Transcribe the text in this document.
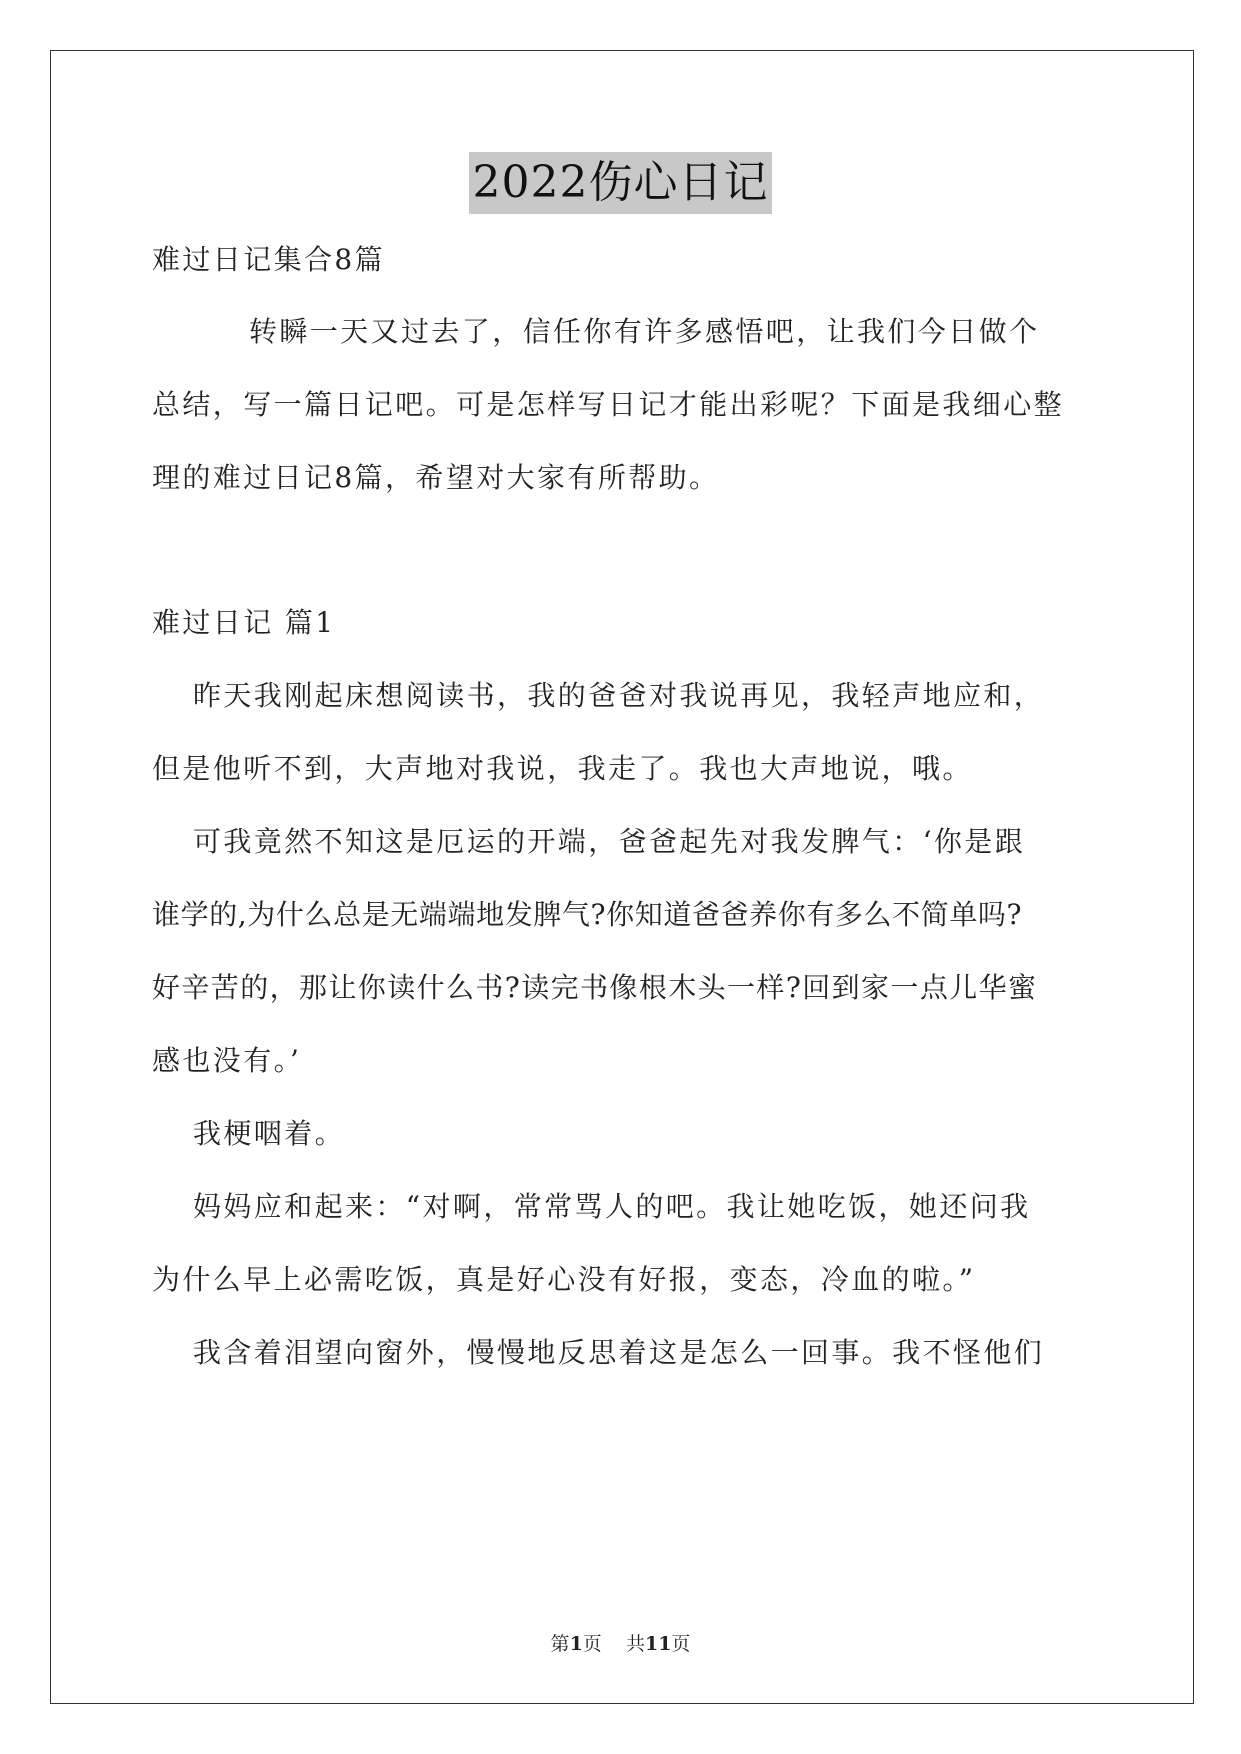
2022伤心日记
难过日记集合8篇
转瞬一天又过去了，信任你有许多感悟吧，让我们今日做个
总结，写一篇日记吧。可是怎样写日记才能出彩呢？下面是我细心整
理的难过日记8篇，希望对大家有所帮助。
难过日记 篇1
昨天我刚起床想阅读书，我的爸爸对我说再见，我轻声地应和，
但是他听不到，大声地对我说，我走了。我也大声地说，哦。
可我竟然不知这是厄运的开端，爸爸起先对我发脾气：‘你是跟
谁学的,为什么总是无端端地发脾气?你知道爸爸养你有多么不简单吗?
好辛苦的，那让你读什么书?读完书像根木头一样?回到家一点儿华蜜
感也没有。’
我梗咽着。
妈妈应和起来：“对啊，常常骂人的吧。我让她吃饭，她还问我
为什么早上必需吃饭，真是好心没有好报，变态，冷血的啦。”
我含着泪望向窗外，慢慢地反思着这是怎么一回事。我不怪他们
第1页    共11页
